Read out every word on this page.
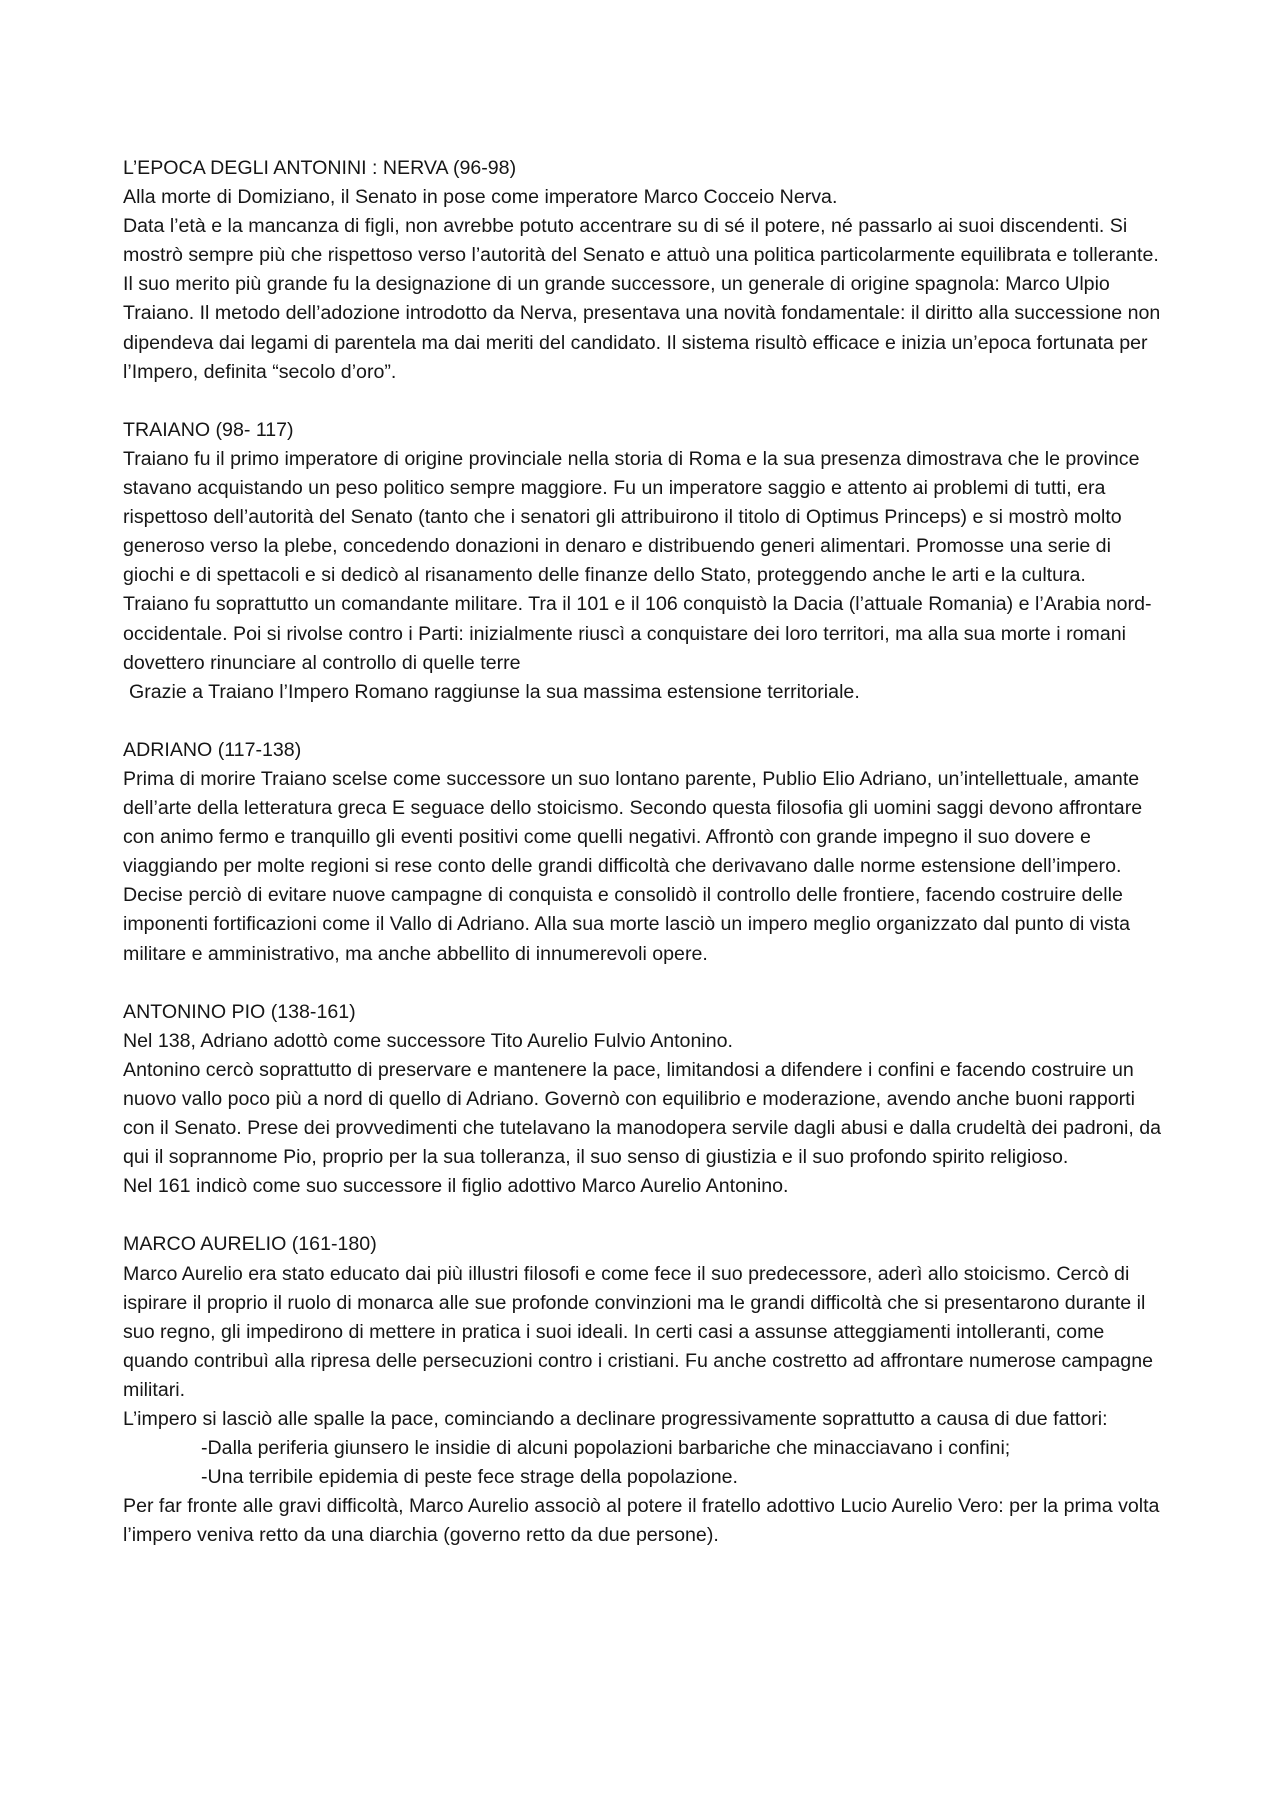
L’EPOCA DEGLI ANTONINI : NERVA (96-98)
Alla morte di Domiziano, il Senato in pose come imperatore Marco Cocceio Nerva.
Data l’età e la mancanza di figli, non avrebbe potuto accentrare su di sé il potere, né passarlo ai suoi discendenti. Si mostrò sempre più che rispettoso verso l’autorità del Senato e attuò una politica particolarmente equilibrata e tollerante.
Il suo merito più grande fu la designazione di un grande successore, un generale di origine spagnola: Marco Ulpio Traiano. Il metodo dell’adozione introdotto da Nerva, presentava una novità fondamentale: il diritto alla successione non dipendeva dai legami di parentela ma dai meriti del candidato. Il sistema risultò efficace e inizia un’epoca fortunata per l’Impero, definita “secolo d’oro”.
TRAIANO (98- 117)
Traiano fu il primo imperatore di origine provinciale nella storia di Roma e la sua presenza dimostrava che le province stavano acquistando un peso politico sempre maggiore. Fu un imperatore saggio e attento ai problemi di tutti, era rispettoso dell’autorità del Senato (tanto che i senatori gli attribuirono il titolo di Optimus Princeps) e si mostrò molto generoso verso la plebe, concedendo donazioni in denaro e distribuendo generi alimentari. Promosse una serie di giochi e di spettacoli e si dedicò al risanamento delle finanze dello Stato, proteggendo anche le arti e la cultura.
Traiano fu soprattutto un comandante militare. Tra il 101 e il 106 conquistò la Dacia (l’attuale Romania) e l’Arabia nord-occidentale. Poi si rivolse contro i Parti: inizialmente riuscì a conquistare dei loro territori, ma alla sua morte i romani dovettero rinunciare al controllo di quelle terre
Grazie a Traiano l’Impero Romano raggiunse la sua massima estensione territoriale.
ADRIANO (117-138)
Prima di morire Traiano scelse come successore un suo lontano parente, Publio Elio Adriano, un’intellettuale, amante dell’arte della letteratura greca E seguace dello stoicismo. Secondo questa filosofia gli uomini saggi devono affrontare con animo fermo e tranquillo gli eventi positivi come quelli negativi. Affrontò con grande impegno il suo dovere e viaggiando per molte regioni si rese conto delle grandi difficoltà che derivavano dalle norme estensione dell’impero. Decise perciò di evitare nuove campagne di conquista e consolidò il controllo delle frontiere, facendo costruire delle imponenti fortificazioni come il Vallo di Adriano. Alla sua morte lasciò un impero meglio organizzato dal punto di vista militare e amministrativo, ma anche abbellito di innumerevoli opere.
ANTONINO PIO (138-161)
Nel 138, Adriano adottò come successore Tito Aurelio Fulvio Antonino.
Antonino cercò soprattutto di preservare e mantenere la pace, limitandosi a difendere i confini e facendo costruire un nuovo vallo poco più a nord di quello di Adriano. Governò con equilibrio e moderazione, avendo anche buoni rapporti con il Senato. Prese dei provvedimenti che tutelavano la manodopera servile dagli abusi e dalla crudeltà dei padroni, da qui il soprannome Pio, proprio per la sua tolleranza, il suo senso di giustizia e il suo profondo spirito religioso.
Nel 161 indicò come suo successore il figlio adottivo Marco Aurelio Antonino.
MARCO AURELIO (161-180)
Marco Aurelio era stato educato dai più illustri filosofi e come fece il suo predecessore, aderì allo stoicismo. Cercò di ispirare il proprio il ruolo di monarca alle sue profonde convinzioni ma le grandi difficoltà che si presentarono durante il suo regno, gli impedirono di mettere in pratica i suoi ideali. In certi casi a assunse atteggiamenti intolleranti, come quando contribuì alla ripresa delle persecuzioni contro i cristiani. Fu anche costretto ad affrontare numerose campagne militari.
L’impero si lasciò alle spalle la pace, cominciando a declinare progressivamente soprattutto a causa di due fattori:
-Dalla periferia giunsero le insidie di alcuni popolazioni barbariche che minacciavano i confini;
-Una terribile epidemia di peste fece strage della popolazione.
Per far fronte alle gravi difficoltà, Marco Aurelio associò al potere il fratello adottivo Lucio Aurelio Vero: per la prima volta l’impero veniva retto da una diarchia (governo retto da due persone).
